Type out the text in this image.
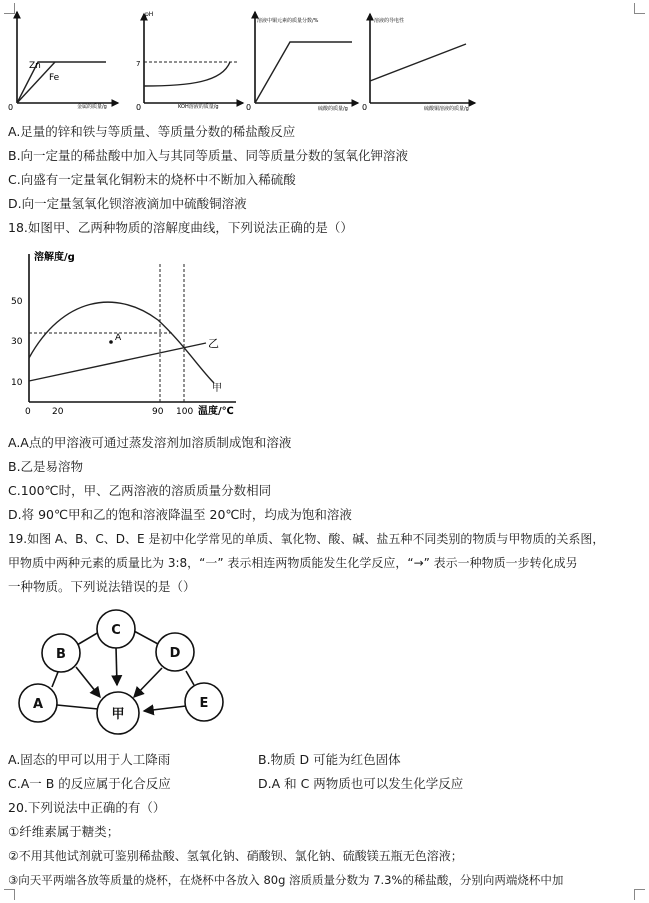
Zn
Fe
0	金属的质量/g
pH
7
0	KOH溶液的质量/g
溶液中铜元素的质量分数/%
0	硫酸的质量/g
溶液的导电性
0	硫酸铜溶液的质量/g
A.足量的锌和铁与等质量、等质量分数的稀盐酸反应
B.向一定量的稀盐酸中加入与其同等质量、同等质量分数的氢氧化钾溶液
C.向盛有一定量氧化铜粉末的烧杯中不断加入稀硫酸
D.向一定量氢氧化钡溶液滴加中硫酸铜溶液
18.如图甲、乙两种物质的溶解度曲线，下列说法正确的是（）
溶解度/g
温度/℃
50
30
10
0 20	90 100
A	乙
甲
A.A点的甲溶液可通过蒸发溶剂加溶质制成饱和溶液
B.乙是易溶物
C.100℃时，甲、乙两溶液的溶质质量分数相同
D.将 90℃甲和乙的饱和溶液降温至 20℃时，均成为饱和溶液
19.如图 A、B、C、D、E 是初中化学常见的单质、氧化物、酸、碱、盐五种不同类别的物质与甲物质的关系图，
甲物质中两种元素的质量比为 3:8，“一” 表示相连两物质能发生化学反应，“→” 表示一种物质一步转化成另
一种物质。下列说法错误的是（）
A
B
C
D
E
甲
A.固态的甲可以用于人工降雨	B.物质 D 可能为红色固体
C.A一 B 的反应属于化合反应	D.A 和 C 两物质也可以发生化学反应
20.下列说法中正确的有（）
①纤维素属于糖类；
②不用其他试剂就可鉴别稀盐酸、氢氧化钠、硝酸钡、氯化钠、硫酸镁五瓶无色溶液；
③向天平两端各放等质量的烧杯，在烧杯中各放入 80g 溶质质量分数为 7.3%的稀盐酸，分别向两端烧杯中加
